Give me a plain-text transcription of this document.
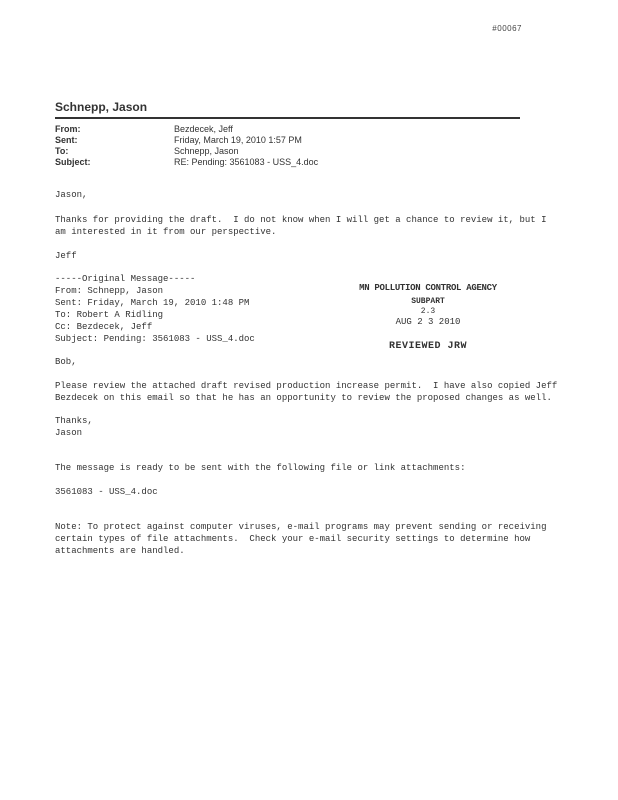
#00067
Schnepp, Jason
From:	Bezdecek, Jeff
Sent:	Friday, March 19, 2010 1:57 PM
To:	Schnepp, Jason
Subject:	RE: Pending: 3561083 - USS_4.doc
Jason,
Thanks for providing the draft.  I do not know when I will get a chance to review it, but I
am interested in it from our perspective.
Jeff
-----Original Message-----
From: Schnepp, Jason
Sent: Friday, March 19, 2010 1:48 PM
To: Robert A Ridling
Cc: Bezdecek, Jeff
Subject: Pending: 3561083 - USS_4.doc
Bob,
Please review the attached draft revised production increase permit.  I have also copied Jeff
Bezdecek on this email so that he has an opportunity to review the proposed changes as well.
Thanks,
Jason
The message is ready to be sent with the following file or link attachments:
3561083 - USS_4.doc
Note: To protect against computer viruses, e-mail programs may prevent sending or receiving
certain types of file attachments.  Check your e-mail security settings to determine how
attachments are handled.
MN POLLUTION CONTROL AGENCY
SUBPART
2.3
AUG 2 3 2010
REVIEWED JRW
